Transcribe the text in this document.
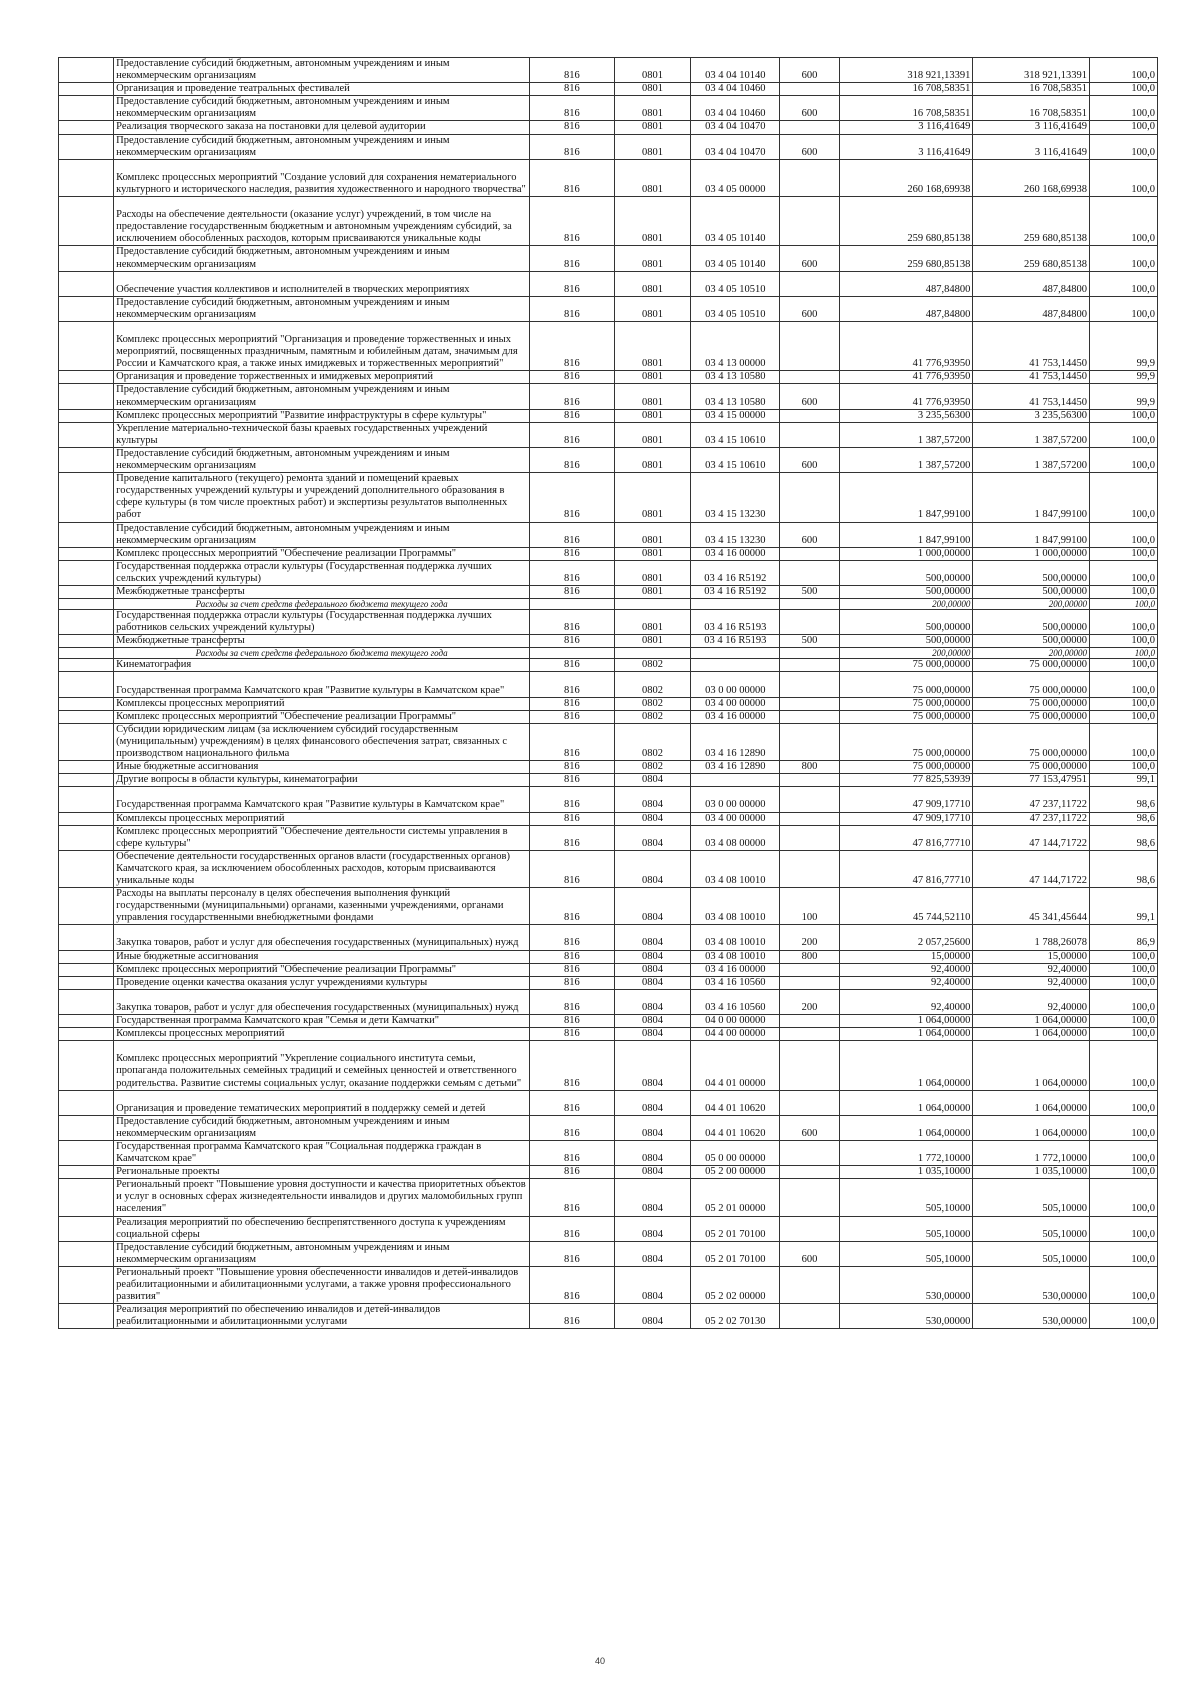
	Предоставление субсидий бюджетным, автономным учреждениям и иным некоммерческим организациям	816	0801	03 4 04 10140	600	318 921,13391	318 921,13391	100,0
	Организация и проведение театральных фестивалей	816	0801	03 4 04 10460		16 708,58351	16 708,58351	100,0
	Предоставление субсидий бюджетным, автономным учреждениям и иным некоммерческим организациям	816	0801	03 4 04 10460	600	16 708,58351	16 708,58351	100,0
	Реализация творческого заказа на постановки для целевой аудитории	816	0801	03 4 04 10470		3 116,41649	3 116,41649	100,0
	Предоставление субсидий бюджетным, автономным учреждениям и иным некоммерческим организациям	816	0801	03 4 04 10470	600	3 116,41649	3 116,41649	100,0
	Комплекс процессных мероприятий "Создание условий для сохранения нематериального культурного и исторического наследия, развития художественного и народного творчества"	816	0801	03 4 05 00000		260 168,69938	260 168,69938	100,0
	Расходы на обеспечение деятельности (оказание услуг) учреждений, в том числе на предоставление государственным бюджетным и автономным учреждениям субсидий, за исключением обособленных расходов, которым присваиваются уникальные коды	816	0801	03 4 05 10140		259 680,85138	259 680,85138	100,0
	Предоставление субсидий бюджетным, автономным учреждениям и иным некоммерческим организациям	816	0801	03 4 05 10140	600	259 680,85138	259 680,85138	100,0
	Обеспечение участия коллективов и исполнителей в творческих мероприятиях	816	0801	03 4 05 10510		487,84800	487,84800	100,0
	Предоставление субсидий бюджетным, автономным учреждениям и иным некоммерческим организациям	816	0801	03 4 05 10510	600	487,84800	487,84800	100,0
	Комплекс процессных мероприятий "Организация и проведение торжественных и иных мероприятий, посвященных праздничным, памятным и юбилейным датам, значимым для России и Камчатского края, а также иных имиджевых и торжественных мероприятий"	816	0801	03 4 13 00000		41 776,93950	41 753,14450	99,9
	Организация и проведение торжественных и имиджевых мероприятий	816	0801	03 4 13 10580		41 776,93950	41 753,14450	99,9
	Предоставление субсидий бюджетным, автономным учреждениям и иным некоммерческим организациям	816	0801	03 4 13 10580	600	41 776,93950	41 753,14450	99,9
	Комплекс процессных мероприятий "Развитие инфраструктуры в сфере культуры"	816	0801	03 4 15 00000		3 235,56300	3 235,56300	100,0
	Укрепление материально-технической базы краевых государственных учреждений культуры	816	0801	03 4 15 10610		1 387,57200	1 387,57200	100,0
	Предоставление субсидий бюджетным, автономным учреждениям и иным некоммерческим организациям	816	0801	03 4 15 10610	600	1 387,57200	1 387,57200	100,0
	Проведение капитального (текущего) ремонта зданий и помещений краевых государственных учреждений культуры и учреждений дополнительного образования в сфере культуры (в том числе проектных работ) и экспертизы результатов выполненных работ	816	0801	03 4 15 13230		1 847,99100	1 847,99100	100,0
	Предоставление субсидий бюджетным, автономным учреждениям и иным некоммерческим организациям	816	0801	03 4 15 13230	600	1 847,99100	1 847,99100	100,0
	Комплекс процессных мероприятий "Обеспечение реализации Программы"	816	0801	03 4 16 00000		1 000,00000	1 000,00000	100,0
	Государственная поддержка отрасли культуры (Государственная поддержка лучших сельских учреждений культуры)	816	0801	03 4 16 R5192		500,00000	500,00000	100,0
	Межбюджетные трансферты	816	0801	03 4 16 R5192	500	500,00000	500,00000	100,0
	Расходы за счет средств федерального бюджета текущего года					200,00000	200,00000	100,0
	Государственная поддержка отрасли культуры (Государственная поддержка лучших работников сельских учреждений культуры)	816	0801	03 4 16 R5193		500,00000	500,00000	100,0
	Межбюджетные трансферты	816	0801	03 4 16 R5193	500	500,00000	500,00000	100,0
	Расходы за счет средств федерального бюджета текущего года					200,00000	200,00000	100,0
	Кинематография	816	0802			75 000,00000	75 000,00000	100,0
	Государственная программа Камчатского края "Развитие культуры в Камчатском крае"	816	0802	03 0 00 00000		75 000,00000	75 000,00000	100,0
	Комплексы процессных мероприятий	816	0802	03 4 00 00000		75 000,00000	75 000,00000	100,0
	Комплекс процессных мероприятий "Обеспечение реализации Программы"	816	0802	03 4 16 00000		75 000,00000	75 000,00000	100,0
	Субсидии юридическим лицам (за исключением субсидий государственным (муниципальным) учреждениям) в целях финансового обеспечения затрат, связанных с производством национального фильма	816	0802	03 4 16 12890		75 000,00000	75 000,00000	100,0
	Иные бюджетные ассигнования	816	0802	03 4 16 12890	800	75 000,00000	75 000,00000	100,0
	Другие вопросы в области культуры, кинематографии	816	0804			77 825,53939	77 153,47951	99,1
	Государственная программа Камчатского края "Развитие культуры в Камчатском крае"	816	0804	03 0 00 00000		47 909,17710	47 237,11722	98,6
	Комплексы процессных мероприятий	816	0804	03 4 00 00000		47 909,17710	47 237,11722	98,6
	Комплекс процессных мероприятий "Обеспечение деятельности системы управления в сфере культуры"	816	0804	03 4 08 00000		47 816,77710	47 144,71722	98,6
	Обеспечение деятельности государственных органов власти (государственных органов) Камчатского края, за исключением обособленных расходов, которым присваиваются уникальные коды	816	0804	03 4 08 10010		47 816,77710	47 144,71722	98,6
	Расходы на выплаты персоналу в целях обеспечения выполнения функций государственными (муниципальными) органами, казенными учреждениями, органами управления государственными внебюджетными фондами	816	0804	03 4 08 10010	100	45 744,52110	45 341,45644	99,1
	Закупка товаров, работ и услуг для обеспечения государственных (муниципальных) нужд	816	0804	03 4 08 10010	200	2 057,25600	1 788,26078	86,9
	Иные бюджетные ассигнования	816	0804	03 4 08 10010	800	15,00000	15,00000	100,0
	Комплекс процессных мероприятий "Обеспечение реализации Программы"	816	0804	03 4 16 00000		92,40000	92,40000	100,0
	Проведение оценки качества оказания услуг учреждениями культуры	816	0804	03 4 16 10560		92,40000	92,40000	100,0
	Закупка товаров, работ и услуг для обеспечения государственных (муниципальных) нужд	816	0804	03 4 16 10560	200	92,40000	92,40000	100,0
	Государственная программа Камчатского края "Семья и дети Камчатки"	816	0804	04 0 00 00000		1 064,00000	1 064,00000	100,0
	Комплексы процессных мероприятий	816	0804	04 4 00 00000		1 064,00000	1 064,00000	100,0
	Комплекс процессных мероприятий "Укрепление социального института семьи, пропаганда положительных семейных традиций и семейных ценностей и ответственного родительства. Развитие системы социальных услуг, оказание поддержки семьям с детьми"	816	0804	04 4 01 00000		1 064,00000	1 064,00000	100,0
	Организация и проведение тематических мероприятий в поддержку семей и детей	816	0804	04 4 01 10620		1 064,00000	1 064,00000	100,0
	Предоставление субсидий бюджетным, автономным учреждениям и иным некоммерческим организациям	816	0804	04 4 01 10620	600	1 064,00000	1 064,00000	100,0
	Государственная программа Камчатского края "Социальная поддержка граждан в Камчатском крае"	816	0804	05 0 00 00000		1 772,10000	1 772,10000	100,0
	Региональные проекты	816	0804	05 2 00 00000		1 035,10000	1 035,10000	100,0
	Региональный проект "Повышение уровня доступности и качества приоритетных объектов и услуг в основных сферах жизнедеятельности инвалидов и других маломобильных групп населения"	816	0804	05 2 01 00000		505,10000	505,10000	100,0
	Реализация мероприятий по обеспечению беспрепятственного доступа к учреждениям социальной сферы	816	0804	05 2 01 70100		505,10000	505,10000	100,0
	Предоставление субсидий бюджетным, автономным учреждениям и иным некоммерческим организациям	816	0804	05 2 01 70100	600	505,10000	505,10000	100,0
	Региональный проект "Повышение уровня обеспеченности инвалидов и детей-инвалидов реабилитационными и абилитационными услугами, а также уровня профессионального развития"	816	0804	05 2 02 00000		530,00000	530,00000	100,0
	Реализация мероприятий по обеспечению инвалидов и детей-инвалидов реабилитационными и абилитационными услугами	816	0804	05 2 02 70130		530,00000	530,00000	100,0
40
